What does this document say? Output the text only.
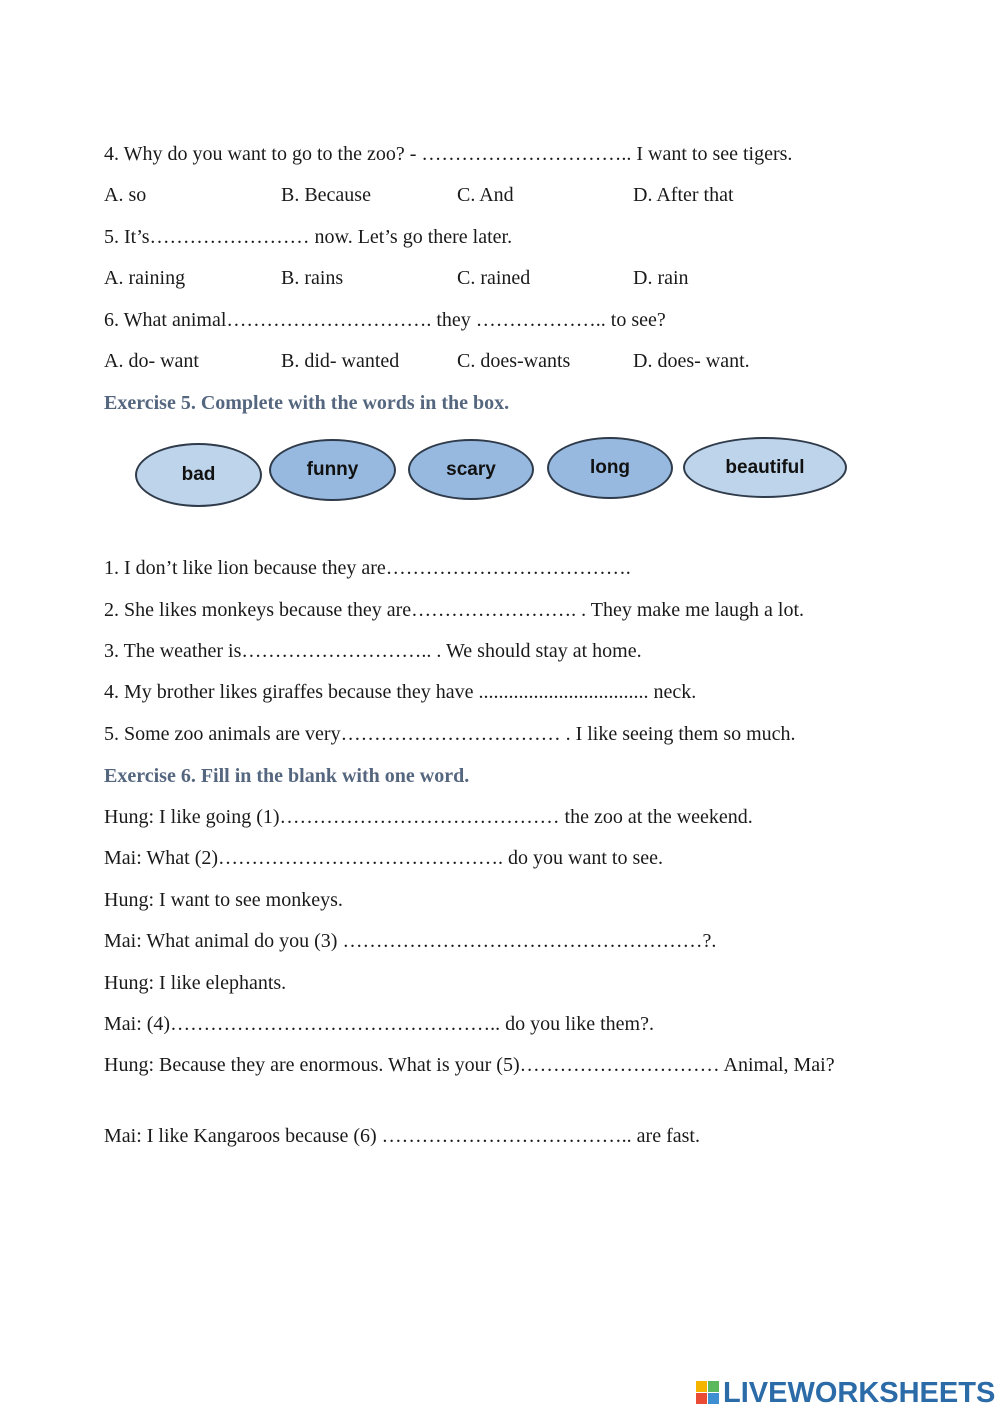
4. Why do you want to go to the zoo? - ………………………….. I want to see tigers.
A. so	B. Because	C. And	D. After that
5. It’s…………………… now. Let’s go there later.
A. raining	B. rains	C. rained	D. rain
6. What animal…………………………. they ……………….. to see?
A. do- want	B. did- wanted	C. does-wants	D. does- want.
Exercise 5. Complete with the words in the box.
bad	funny	scary	long	beautiful
1. I don’t like lion because they are……………………………….
2. She likes monkeys because they are……………………. . They make me laugh a lot.
3. The weather is……………………….. . We should stay at home.
4. My brother likes giraffes because they have .................................. neck.
5. Some zoo animals are very…………………………… . I like seeing them so much.
Exercise 6. Fill in the blank with one word.
Hung: I like going (1)…………………………………… the zoo at the weekend.
Mai: What (2)……………………………………. do you want to see.
Hung: I want to see monkeys.
Mai: What animal do you (3) ………………………………………………?.
Hung: I like elephants.
Mai: (4)………………………………………….. do you like them?.
Hung: Because they are enormous. What is your (5)………………………… Animal, Mai?
Mai: I like Kangaroos because (6) ……………………………….. are fast.
LIVEWORKSHEETS
